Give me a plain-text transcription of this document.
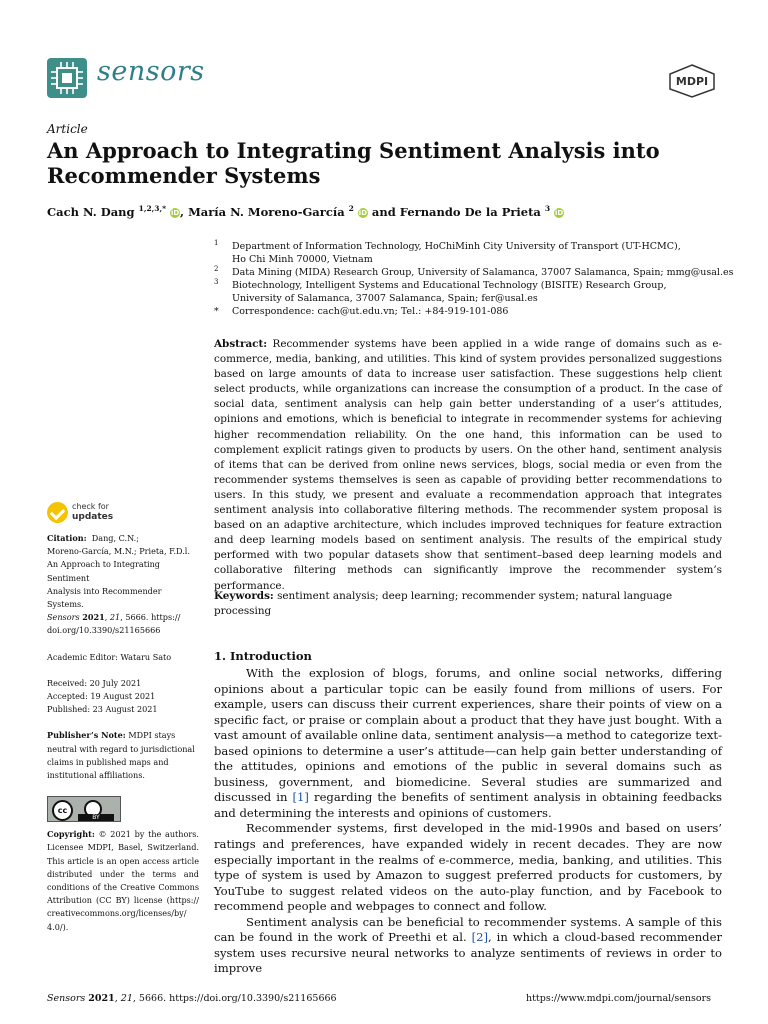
sensors	MDPI
Article
An Approach to Integrating Sentiment Analysis into Recommender Systems
Cach N. Dang $^{1,2,3,*}$ iD, María N. Moreno-García $^2$ iD and Fernando De la Prieta $^3$ iD
1 Department of Information Technology, HoChiMinh City University of Transport (UT-HCMC),
Ho Chi Minh 70000, Vietnam
2 Data Mining (MIDA) Research Group, University of Salamanca, 37007 Salamanca, Spain; mmg@usal.es
3 Biotechnology, Intelligent Systems and Educational Technology (BISITE) Research Group,
University of Salamanca, 37007 Salamanca, Spain; fer@usal.es
* Correspondence: cach@ut.edu.vn; Tel.: +84-919-101-086

Abstract: Recommender systems have been applied in a wide range of domains such as e-commerce, media, banking, and utilities. This kind of system provides personalized suggestions based on large amounts of data to increase user satisfaction. These suggestions help client select products, while organizations can increase the consumption of a product. In the case of social data, sentiment analysis can help gain better understanding of a user’s attitudes, opinions and emotions, which is beneficial to integrate in recommender systems for achieving higher recommendation reliability. On the one hand, this information can be used to complement explicit ratings given to products by users. On the other hand, sentiment analysis of items that can be derived from online news services, blogs, social media or even from the recommender systems themselves is seen as capable of providing better recommendations to users. In this study, we present and evaluate a recommendation approach that integrates sentiment analysis into collaborative filtering methods. The recommender system proposal is based on an adaptive architecture, which includes improved techniques for feature extraction and deep learning models based on sentiment analysis. The results of the empirical study performed with two popular datasets show that sentiment–based deep learning models and collaborative filtering methods can significantly improve the recommender system’s performance.

Keywords: sentiment analysis; deep learning; recommender system; natural language processing
check for
updates
Citation: Dang, C.N.;
Moreno-García, M.N.; Prieta, F.D.l.
An Approach to Integrating Sentiment
Analysis into Recommender Systems.
Sensors 2021, 21, 5666. https://
doi.org/10.3390/s21165666
Academic Editor: Wataru Sato
Received: 20 July 2021
Accepted: 19 August 2021
Published: 23 August 2021
Publisher’s Note: MDPI stays neutral with regard to jurisdictional claims in published maps and institutional affiliations.
cc
BY
Copyright: © 2021 by the authors. Licensee MDPI, Basel, Switzerland. This article is an open access article distributed under the terms and conditions of the Creative Commons Attribution (CC BY) license (https:// creativecommons.org/licenses/by/ 4.0/).
1. Introduction

With the explosion of blogs, forums, and online social networks, differing opinions about a particular topic can be easily found from millions of users. For example, users can discuss their current experiences, share their points of view on a specific fact, or praise or complain about a product that they have just bought. With a vast amount of available online data, sentiment analysis—a method to categorize text-based opinions to determine a user’s attitude—can help gain better understanding of the attitudes, opinions and emotions of the public in several domains such as business, government, and biomedicine. Several studies are summarized and discussed in [1] regarding the benefits of sentiment analysis in obtaining feedbacks and determining the interests and opinions of customers.

Recommender systems, first developed in the mid-1990s and based on users’ ratings and preferences, have expanded widely in recent decades. They are now especially important in the realms of e-commerce, media, banking, and utilities. This type of system is used by Amazon to suggest preferred products for customers, by YouTube to suggest related videos on the auto-play function, and by Facebook to recommend people and webpages to connect and follow.

Sentiment analysis can be beneficial to recommender systems. A sample of this can be found in the work of Preethi et al. [2], in which a cloud-based recommender system uses recursive neural networks to analyze sentiments of reviews in order to improve

Sensors 2021, 21, 5666. https://doi.org/10.3390/s21165666	https://www.mdpi.com/journal/sensors
